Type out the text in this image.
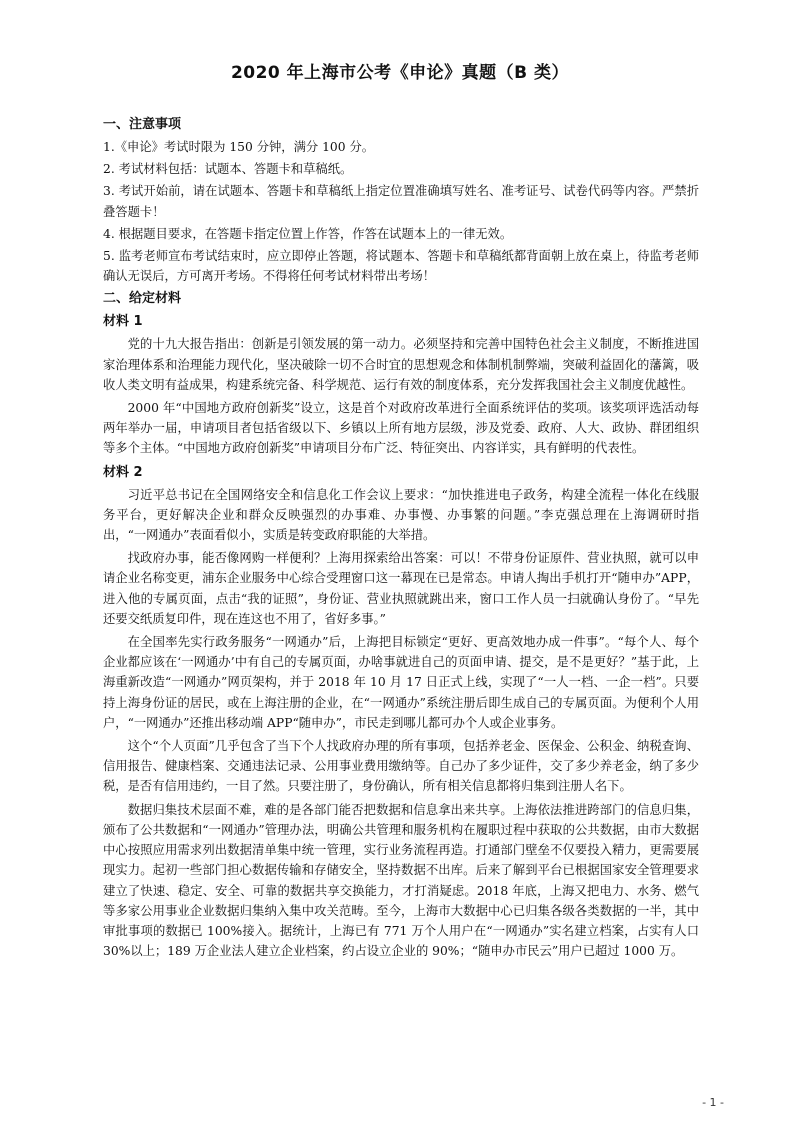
2020 年上海市公考《申论》真题（B 类）
一、注意事项

1.《申论》考试时限为 150 分钟，满分 100 分。

2. 考试材料包括：试题本、答题卡和草稿纸。

3. 考试开始前，请在试题本、答题卡和草稿纸上指定位置准确填写姓名、准考证号、试卷代码等内容。严禁折叠答题卡！

4. 根据题目要求，在答题卡指定位置上作答，作答在试题本上的一律无效。

5. 监考老师宣布考试结束时，应立即停止答题，将试题本、答题卡和草稿纸都背面朝上放在桌上，待监考老师确认无误后，方可离开考场。不得将任何考试材料带出考场！

二、给定材料
材料 1

党的十九大报告指出：创新是引领发展的第一动力。必须坚持和完善中国特色社会主义制度，不断推进国家治理体系和治理能力现代化，坚决破除一切不合时宜的思想观念和体制机制弊端，突破利益固化的藩篱，吸收人类文明有益成果，构建系统完备、科学规范、运行有效的制度体系，充分发挥我国社会主义制度优越性。

2000 年“中国地方政府创新奖”设立，这是首个对政府改革进行全面系统评估的奖项。该奖项评选活动每两年举办一届，申请项目者包括省级以下、乡镇以上所有地方层级，涉及党委、政府、人大、政协、群团组织等多个主体。“中国地方政府创新奖”申请项目分布广泛、特征突出、内容详实，具有鲜明的代表性。

材料 2

习近平总书记在全国网络安全和信息化工作会议上要求：“加快推进电子政务，构建全流程一体化在线服务平台，更好解决企业和群众反映强烈的办事难、办事慢、办事繁的问题。”李克强总理在上海调研时指出，“一网通办”表面看似小，实质是转变政府职能的大举措。

找政府办事，能否像网购一样便利？上海用探索给出答案：可以！不带身份证原件、营业执照，就可以申请企业名称变更，浦东企业服务中心综合受理窗口这一幕现在已是常态。申请人掏出手机打开“随申办”APP，进入他的专属页面，点击“我的证照”，身份证、营业执照就跳出来，窗口工作人员一扫就确认身份了。“早先还要交纸质复印件，现在连这也不用了，省好多事。”

在全国率先实行政务服务“一网通办”后，上海把目标锁定“更好、更高效地办成一件事”。“每个人、每个企业都应该在‘一网通办’中有自己的专属页面，办啥事就进自己的页面申请、提交，是不是更好？”基于此，上海重新改造“一网通办”网页架构，并于 2018 年 10 月 17 日正式上线，实现了“一人一档、一企一档”。只要持上海身份证的居民，或在上海注册的企业，在“一网通办”系统注册后即生成自己的专属页面。为便利个人用户，“一网通办”还推出移动端 APP“随申办”，市民走到哪儿都可办个人或企业事务。

这个“个人页面”几乎包含了当下个人找政府办理的所有事项，包括养老金、医保金、公积金、纳税查询、信用报告、健康档案、交通违法记录、公用事业费用缴纳等。自己办了多少证件，交了多少养老金，纳了多少税，是否有信用违约，一目了然。只要注册了，身份确认，所有相关信息都将归集到注册人名下。

数据归集技术层面不难，难的是各部门能否把数据和信息拿出来共享。上海依法推进跨部门的信息归集，颁布了公共数据和“一网通办”管理办法，明确公共管理和服务机构在履职过程中获取的公共数据，由市大数据中心按照应用需求列出数据清单集中统一管理，实行业务流程再造。打通部门壁垒不仅要投入精力，更需要展现实力。起初一些部门担心数据传输和存储安全，坚持数据不出库。后来了解到平台已根据国家安全管理要求建立了快速、稳定、安全、可靠的数据共享交换能力，才打消疑虑。2018 年底，上海又把电力、水务、燃气等多家公用事业企业数据归集纳入集中攻关范畴。至今，上海市大数据中心已归集各级各类数据的一半，其中审批事项的数据已 100%接入。据统计，上海已有 771 万个人用户在“一网通办”实名建立档案，占实有人口 30%以上；189 万企业法人建立企业档案，约占设立企业的 90%；“随申办市民云”用户已超过 1000 万。

- 1 -
